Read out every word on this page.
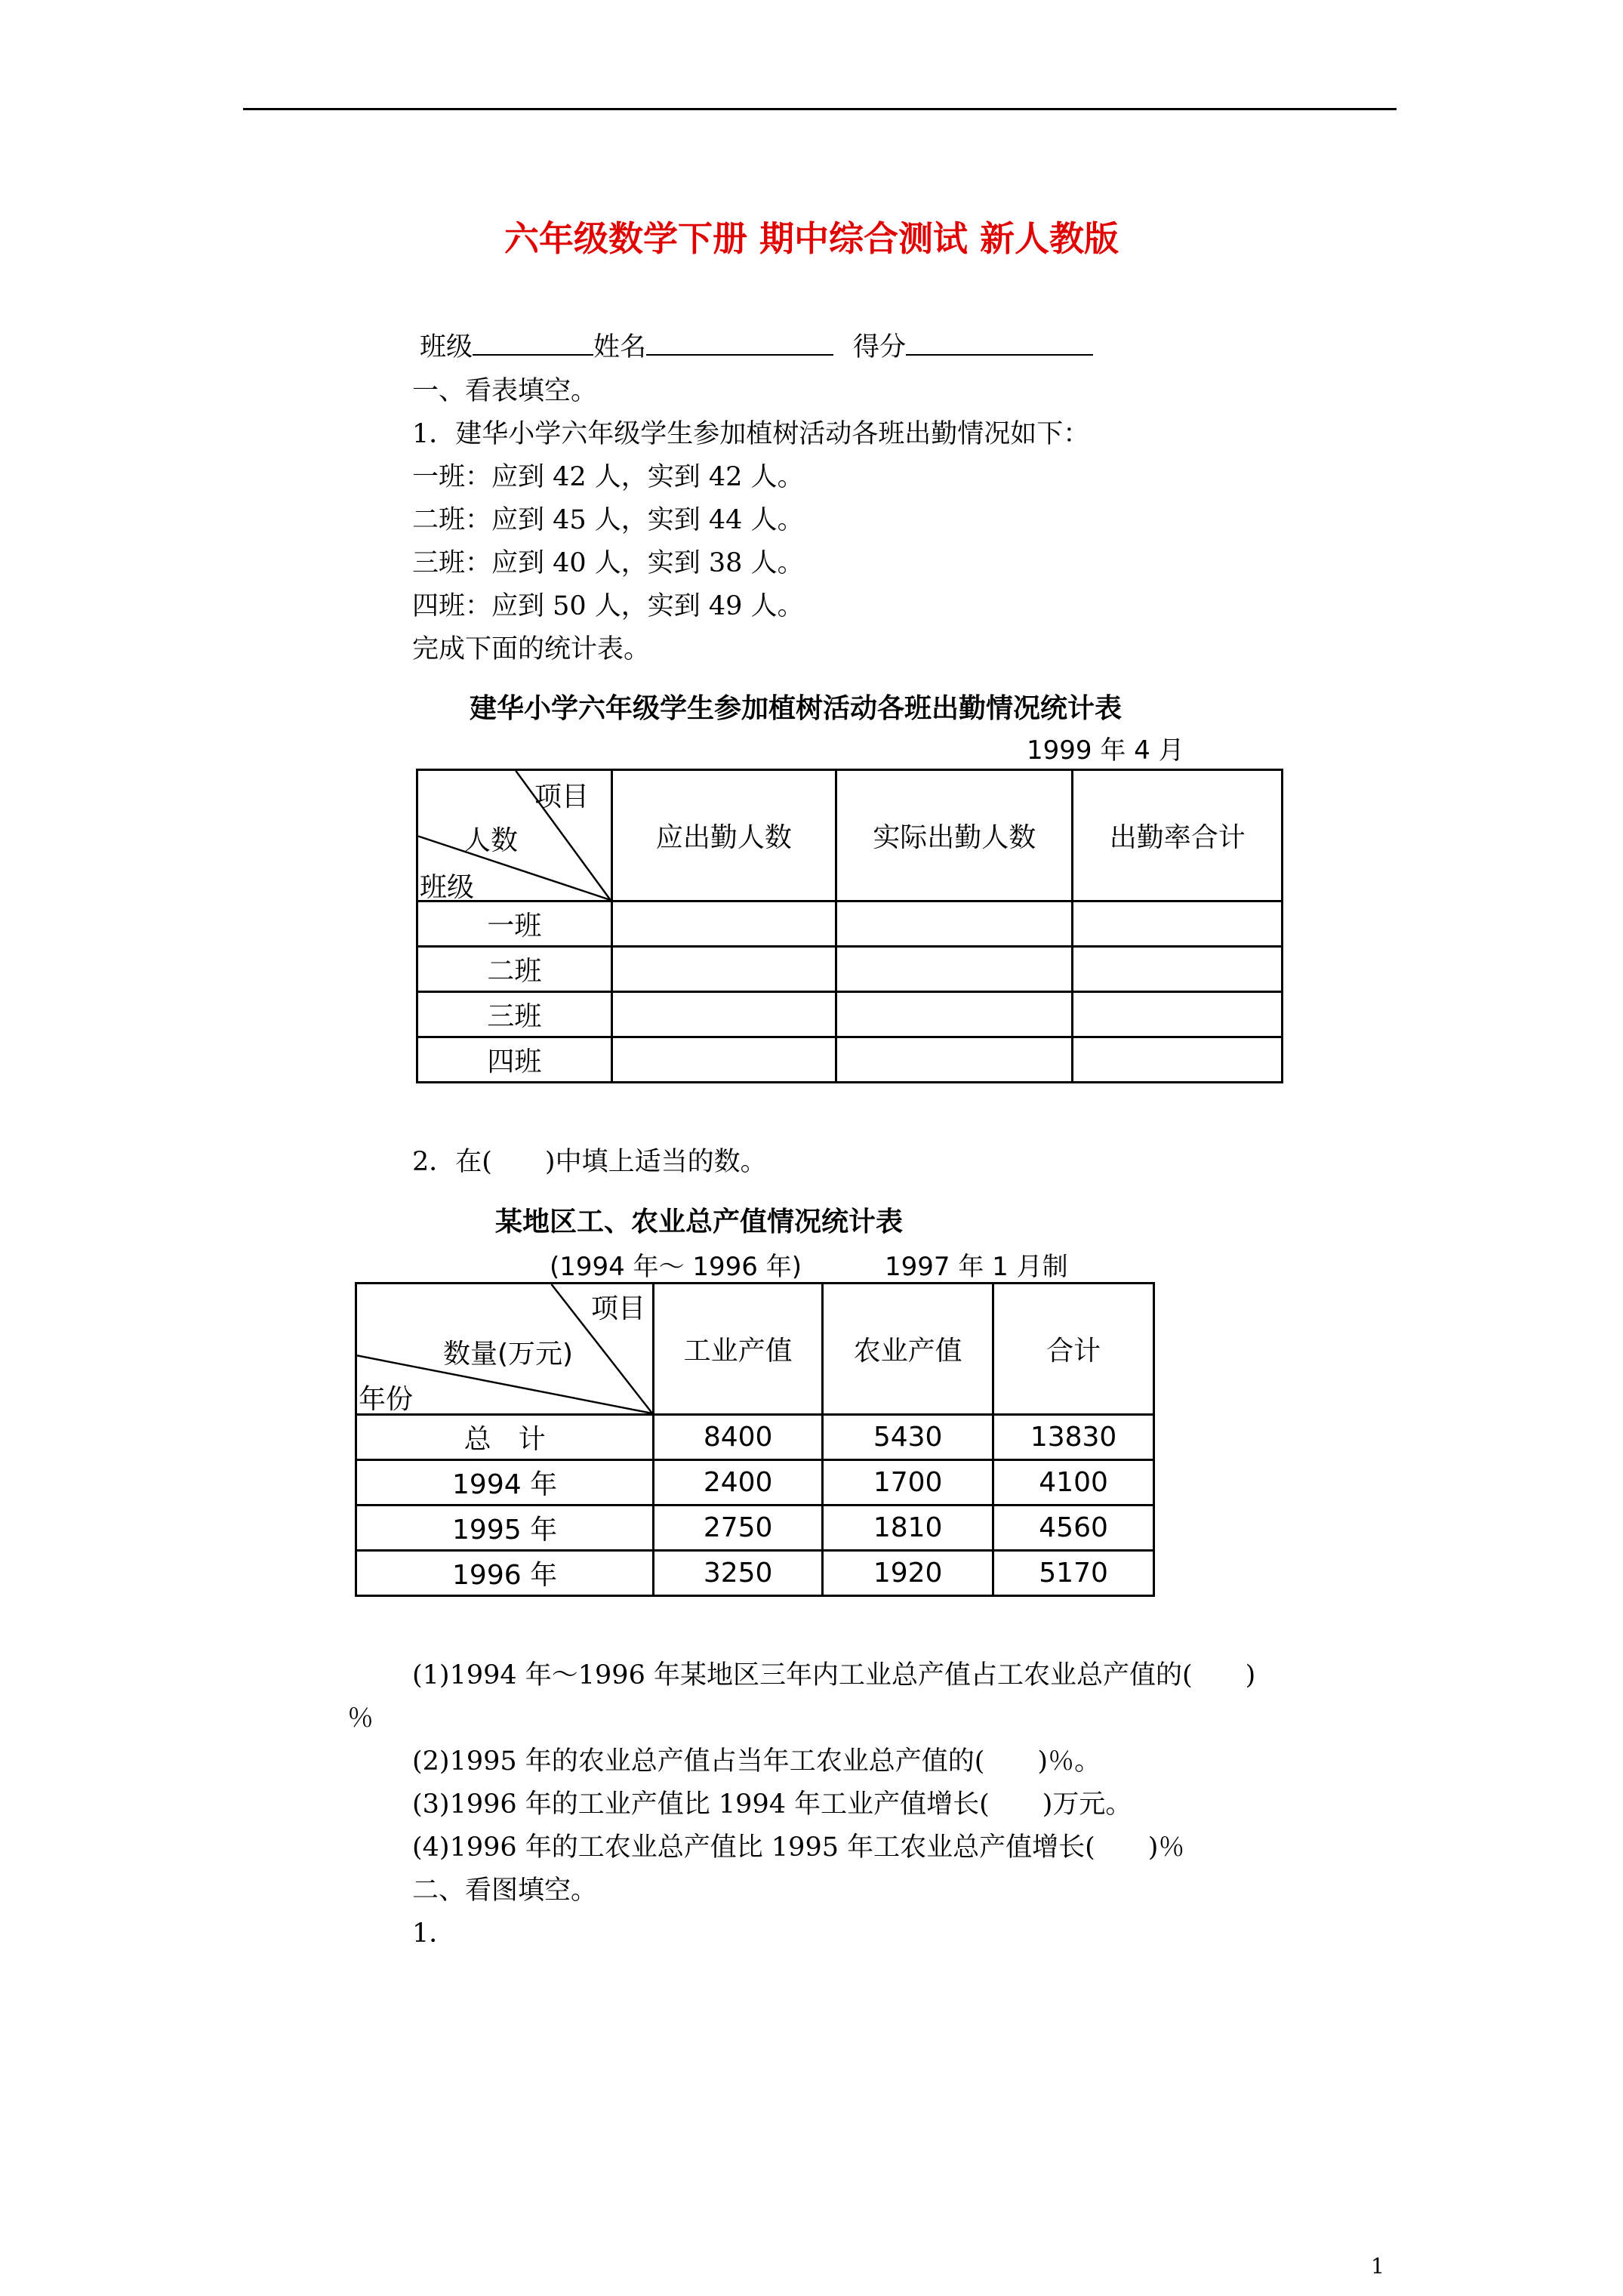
六年级数学下册 期中综合测试 新人教版
班级	姓名	得分
一、看表填空。
1．建华小学六年级学生参加植树活动各班出勤情况如下：
一班：应到 42 人，实到 42 人。
二班：应到 45 人，实到 44 人。
三班：应到 40 人，实到 38 人。
四班：应到 50 人，实到 49 人。
完成下面的统计表。
建华小学六年级学生参加植树活动各班出勤情况统计表
1999 年 4 月
项目
人数
班级	应出勤人数	实际出勤人数	出勤率合计
一班			
二班			
三班			
四班			
2．在(　　)中填上适当的数。
某地区工、农业总产值情况统计表
(1994 年～ 1996 年)	1997 年 1 月制
项目
数量(万元)
年份	工业产值	农业产值	合计
总　计	8400	5430	13830
1994 年	2400	1700	4100
1995 年	2750	1810	4560
1996 年	3250	1920	5170
(1)1994 年～1996 年某地区三年内工业总产值占工农业总产值的(　　)
％
(2)1995 年的农业总产值占当年工农业总产值的(　　)％。
(3)1996 年的工业产值比 1994 年工业产值增长(　　)万元。
(4)1996 年的工农业总产值比 1995 年工农业总产值增长(　　)％
二、看图填空。
1．
1
